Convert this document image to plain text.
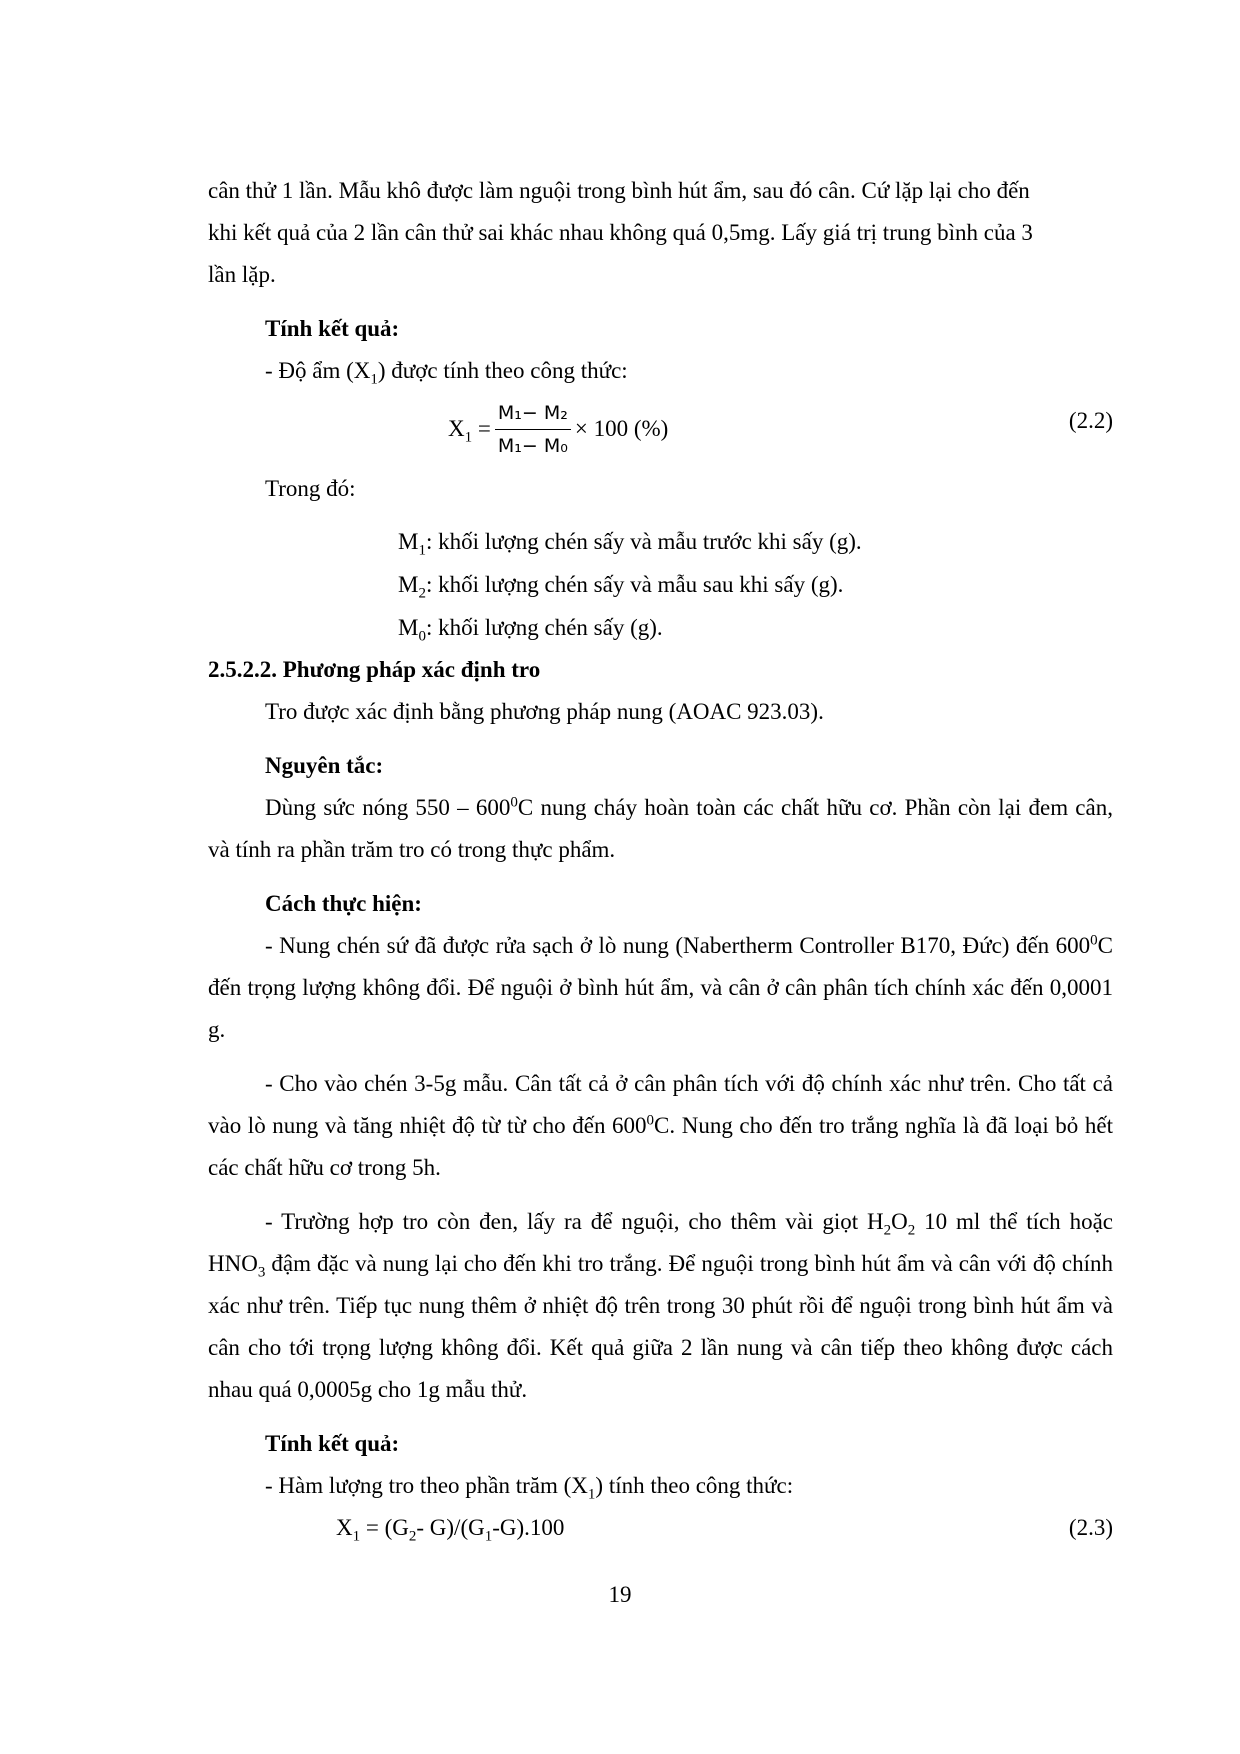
cân thử 1 lần. Mẫu khô được làm nguội trong bình hút ẩm, sau đó cân. Cứ lặp lại cho đến
khi kết quả của 2 lần cân thử sai khác nhau không quá 0,5mg. Lấy giá trị trung bình của 3
lần lặp.

Tính kết quả:

- Độ ẩm $(X_1)$ được tính theo công thức:

$X_1 = \frac{\text{M₁− M₂}}{\text{M₁− M₀}} \times 100$ (%)	(2.2)

Trong đó:

$M_1$: khối lượng chén sấy và mẫu trước khi sấy (g).

$M_2$: khối lượng chén sấy và mẫu sau khi sấy (g).

$M_0$: khối lượng chén sấy (g).

2.5.2.2. Phương pháp xác định tro

Tro được xác định bằng phương pháp nung (AOAC 923.03).

Nguyên tắc:

Dùng sức nóng $550 - 600^0C$ nung cháy hoàn toàn các chất hữu cơ. Phần còn lại đem cân, và tính ra phần trăm tro có trong thực phẩm.

Cách thực hiện:

- Nung chén sứ đã được rửa sạch ở lò nung (Nabertherm Controller B170, Đức) đến $600^0C$ đến trọng lượng không đổi. Để nguội ở bình hút ẩm, và cân ở cân phân tích chính xác đến 0,0001 g.

- Cho vào chén 3-5g mẫu. Cân tất cả ở cân phân tích với độ chính xác như trên. Cho tất cả vào lò nung và tăng nhiệt độ từ từ cho đến $600^0C$. Nung cho đến tro trắng nghĩa là đã loại bỏ hết các chất hữu cơ trong 5h.

- Trường hợp tro còn đen, lấy ra để nguội, cho thêm vài giọt $H_2O_2$ 10 ml thể tích hoặc $HNO_3$ đậm đặc và nung lại cho đến khi tro trắng. Để nguội trong bình hút ẩm và cân với độ chính xác như trên. Tiếp tục nung thêm ở nhiệt độ trên trong 30 phút rồi để nguội trong bình hút ẩm và cân cho tới trọng lượng không đổi. Kết quả giữa 2 lần nung và cân tiếp theo không được cách nhau quá 0,0005g cho 1g mẫu thử.

Tính kết quả:

- Hàm lượng tro theo phần trăm $(X_1)$ tính theo công thức:

$X_1 = (G_2-$ $G)/(G_1-G).100$	(2.3)

19
